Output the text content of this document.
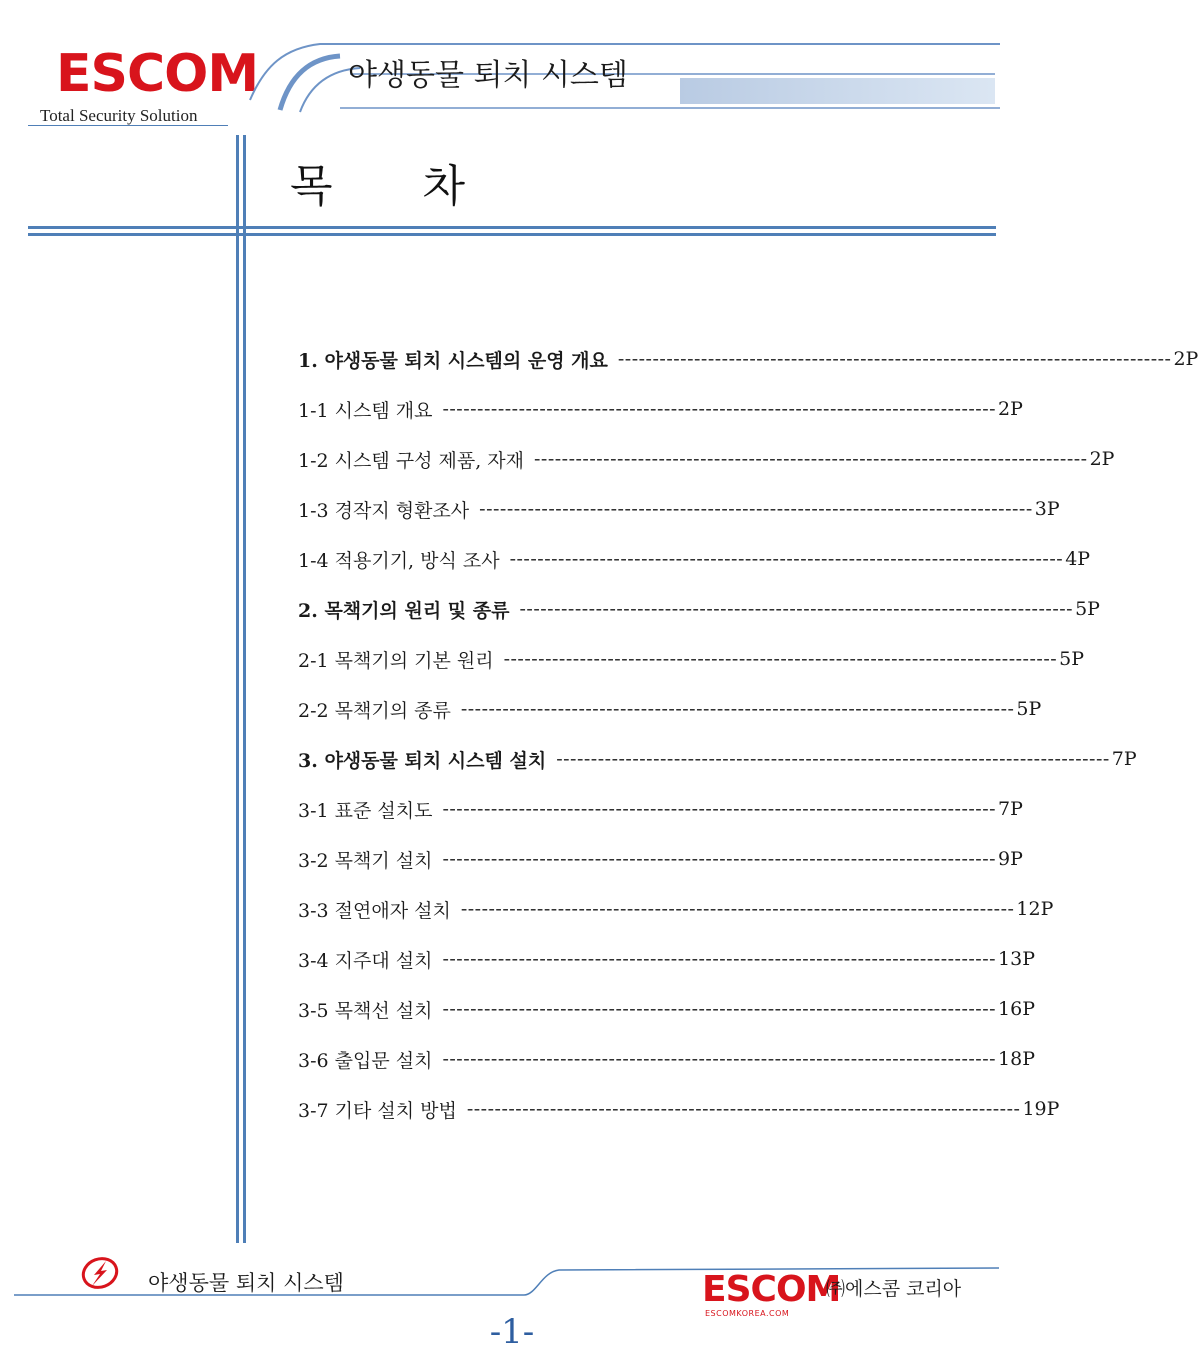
ESCOM
Total Security Solution
야생동물 퇴치 시스템
목 차
1. 야생동물 퇴치 시스템의 운영 개요 -------------------------------------------------------------------------------- 2P
1-1 시스템 개요 -------------------------------------------------------------------------------- 2P
1-2 시스템 구성 제품, 자재 -------------------------------------------------------------------------------- 2P
1-3 경작지 형환조사 -------------------------------------------------------------------------------- 3P
1-4 적용기기, 방식 조사 -------------------------------------------------------------------------------- 4P
2. 목책기의 원리 및 종류 -------------------------------------------------------------------------------- 5P
2-1 목책기의 기본 원리 -------------------------------------------------------------------------------- 5P
2-2 목책기의 종류 -------------------------------------------------------------------------------- 5P
3. 야생동물 퇴치 시스템 설치 -------------------------------------------------------------------------------- 7P
3-1 표준 설치도 -------------------------------------------------------------------------------- 7P
3-2 목책기 설치 -------------------------------------------------------------------------------- 9P
3-3 절연애자 설치 -------------------------------------------------------------------------------- 12P
3-4 지주대 설치 -------------------------------------------------------------------------------- 13P
3-5 목책선 설치 -------------------------------------------------------------------------------- 16P
3-6 출입문 설치 -------------------------------------------------------------------------------- 18P
3-7 기타 설치 방법 -------------------------------------------------------------------------------- 19P
야생동물 퇴치 시스템	ESCOM
ESCOMKOREA.COM
㈜에스콤 코리아
-1-
